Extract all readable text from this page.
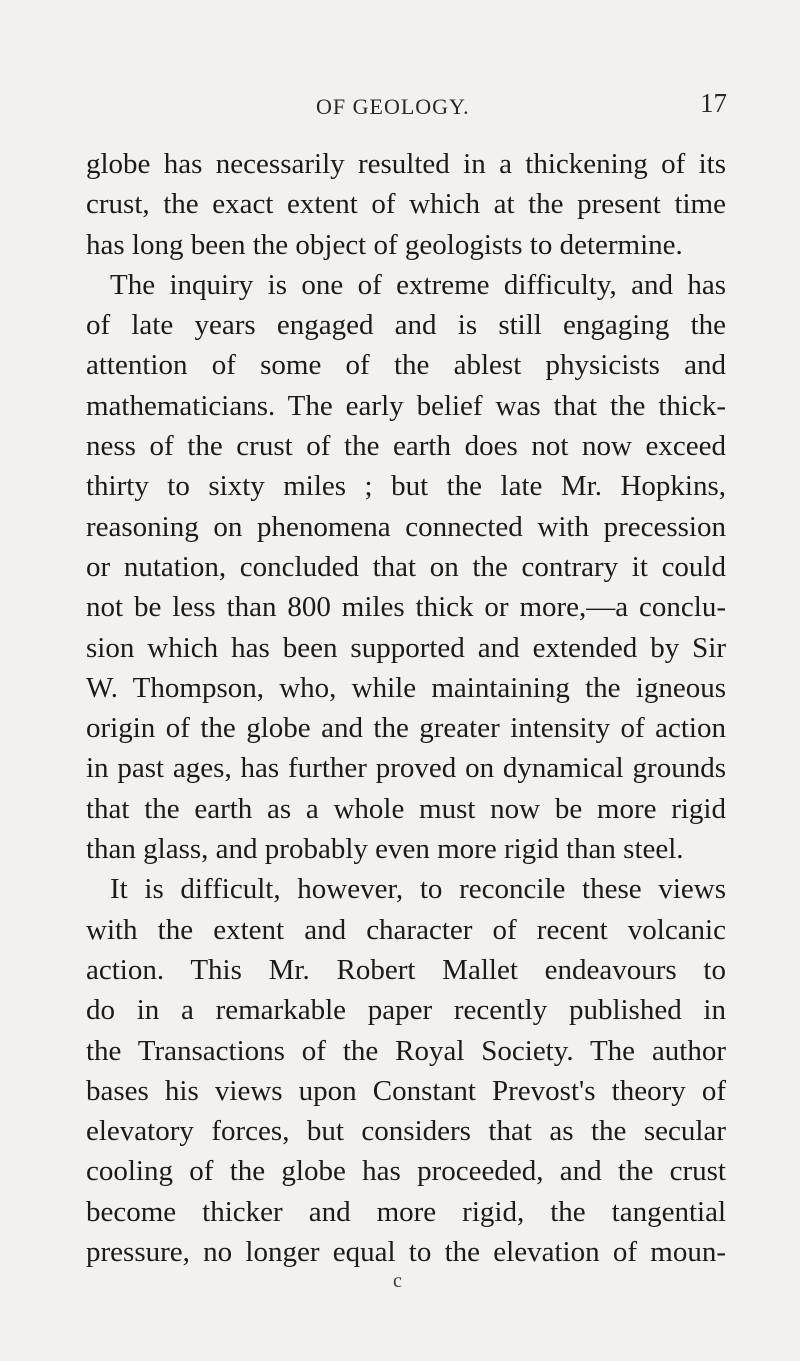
OF GEOLOGY.	17
globe has necessarily resulted in a thickening of its
crust, the exact extent of which at the present time
has long been the object of geologists to determine.
The inquiry is one of extreme difficulty, and has
of late years engaged and is still engaging the
attention of some of the ablest physicists and
mathematicians. The early belief was that the thick-
ness of the crust of the earth does not now exceed
thirty to sixty miles ; but the late Mr. Hopkins,
reasoning on phenomena connected with precession
or nutation, concluded that on the contrary it could
not be less than 800 miles thick or more,—a conclu-
sion which has been supported and extended by Sir
W. Thompson, who, while maintaining the igneous
origin of the globe and the greater intensity of action
in past ages, has further proved on dynamical grounds
that the earth as a whole must now be more rigid
than glass, and probably even more rigid than steel.
It is difficult, however, to reconcile these views
with the extent and character of recent volcanic
action. This Mr. Robert Mallet endeavours to
do in a remarkable paper recently published in
the Transactions of the Royal Society. The author
bases his views upon Constant Prevost's theory of
elevatory forces, but considers that as the secular
cooling of the globe has proceeded, and the crust
become thicker and more rigid, the tangential
pressure, no longer equal to the elevation of moun-
c
